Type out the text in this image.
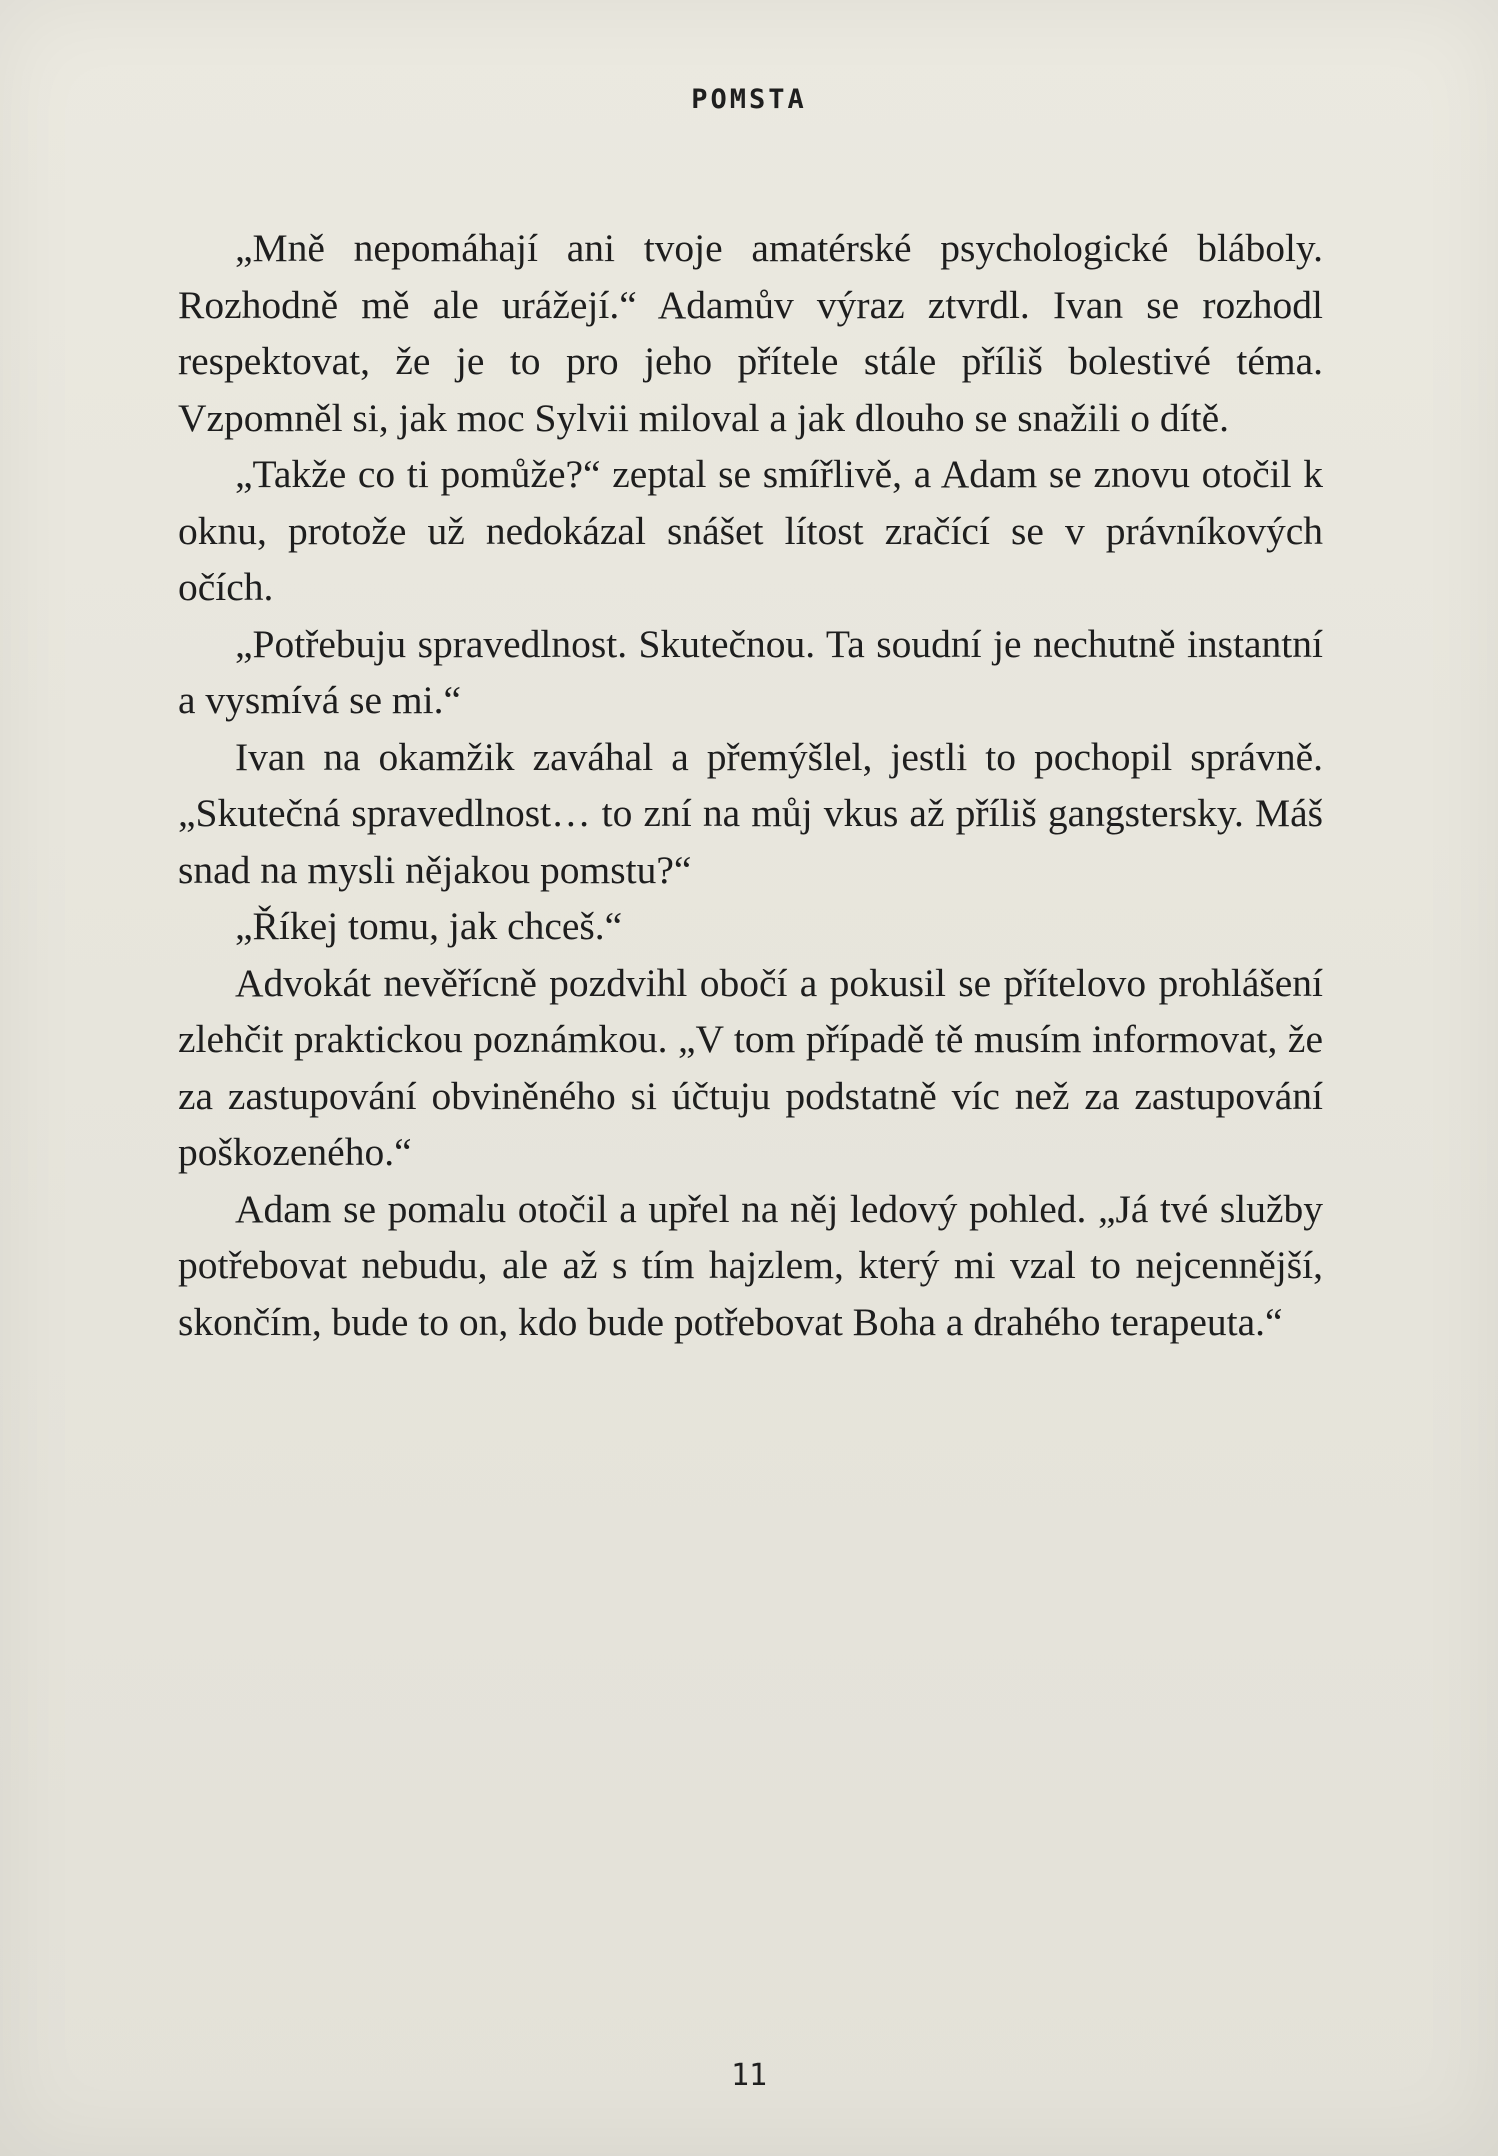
POMSTA

„Mně nepomáhají ani tvoje amatérské psychologické bláboly. Rozhodně mě ale urážejí.“ Adamův výraz ztvrdl. Ivan se rozhodl respektovat, že je to pro jeho přítele stále příliš bolestivé téma. Vzpomněl si, jak moc Sylvii miloval a jak dlouho se snažili o dítě.

„Takže co ti pomůže?“ zeptal se smířlivě, a Adam se znovu otočil k oknu, protože už nedokázal snášet lítost zračící se v právníkových očích.

„Potřebuju spravedlnost. Skutečnou. Ta soudní je nechutně instantní a vysmívá se mi.“

Ivan na okamžik zaváhal a přemýšlel, jestli to pochopil správně. „Skutečná spravedlnost… to zní na můj vkus až příliš gangstersky. Máš snad na mysli nějakou pomstu?“

„Říkej tomu, jak chceš.“

Advokát nevěřícně pozdvihl obočí a pokusil se přítelovo prohlášení zlehčit praktickou poznámkou. „V tom případě tě musím informovat, že za zastupování obviněného si účtuju podstatně víc než za zastupování poškozeného.“

Adam se pomalu otočil a upřel na něj ledový pohled. „Já tvé služby potřebovat nebudu, ale až s tím hajzlem, který mi vzal to nejcennější, skončím, bude to on, kdo bude potřebovat Boha a drahého terapeuta.“

11
